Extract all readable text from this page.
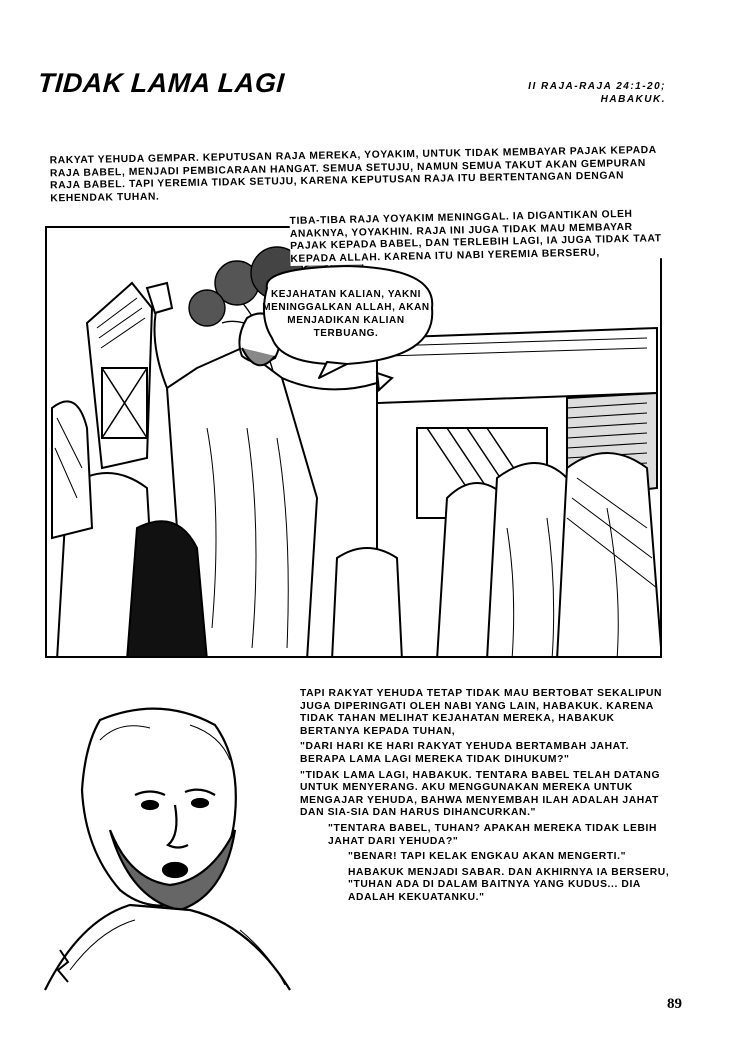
TIDAK LAMA LAGI	II RAJA-RAJA 24:1-20;
HABAKUK.
RAKYAT YEHUDA GEMPAR. KEPUTUSAN RAJA MEREKA, YOYAKIM, UNTUK TIDAK MEMBAYAR PAJAK KEPADA RAJA BABEL, MENJADI PEMBICARAAN HANGAT. SEMUA SETUJU, NAMUN SEMUA TAKUT AKAN GEMPURAN RAJA BABEL. TAPI YEREMIA TIDAK SETUJU, KARENA KEPUTUSAN RAJA ITU BERTENTANGAN DENGAN KEHENDAK TUHAN.
TIBA-TIBA RAJA YOYAKIM MENINGGAL. IA DIGANTIKAN OLEH ANAKNYA, YOYAKHIN. RAJA INI JUGA TIDAK MAU MEMBAYAR PAJAK KEPADA BABEL, DAN TERLEBIH LAGI, IA JUGA TIDAK TAAT KEPADA ALLAH. KARENA ITU NABI YEREMIA BERSERU,
KEJAHATAN KALIAN, YAKNI MENINGGALKAN ALLAH, AKAN MENJADIKAN KALIAN TERBUANG.

TAPI RAKYAT YEHUDA TETAP TIDAK MAU BERTOBAT SEKALIPUN JUGA DIPERINGATI OLEH NABI YANG LAIN, HABAKUK. KARENA TIDAK TAHAN MELIHAT KEJAHATAN MEREKA, HABAKUK BERTANYA KEPADA TUHAN,

"DARI HARI KE HARI RAKYAT YEHUDA BERTAMBAH JAHAT. BERAPA LAMA LAGI MEREKA TIDAK DIHUKUM?"

"TIDAK LAMA LAGI, HABAKUK. TENTARA BABEL TELAH DATANG UNTUK MENYERANG. AKU MENGGUNAKAN MEREKA UNTUK MENGAJAR YEHUDA, BAHWA MENYEMBAH ILAH ADALAH JAHAT DAN SIA-SIA DAN HARUS DIHANCURKAN."

"TENTARA BABEL, TUHAN? APAKAH MEREKA TIDAK LEBIH JAHAT DARI YEHUDA?"

"BENAR! TAPI KELAK ENGKAU AKAN MENGERTI."

HABAKUK MENJADI SABAR. DAN AKHIRNYA IA BERSERU, "TUHAN ADA DI DALAM BAITNYA YANG KUDUS... DIA ADALAH KEKUATANKU."

89
